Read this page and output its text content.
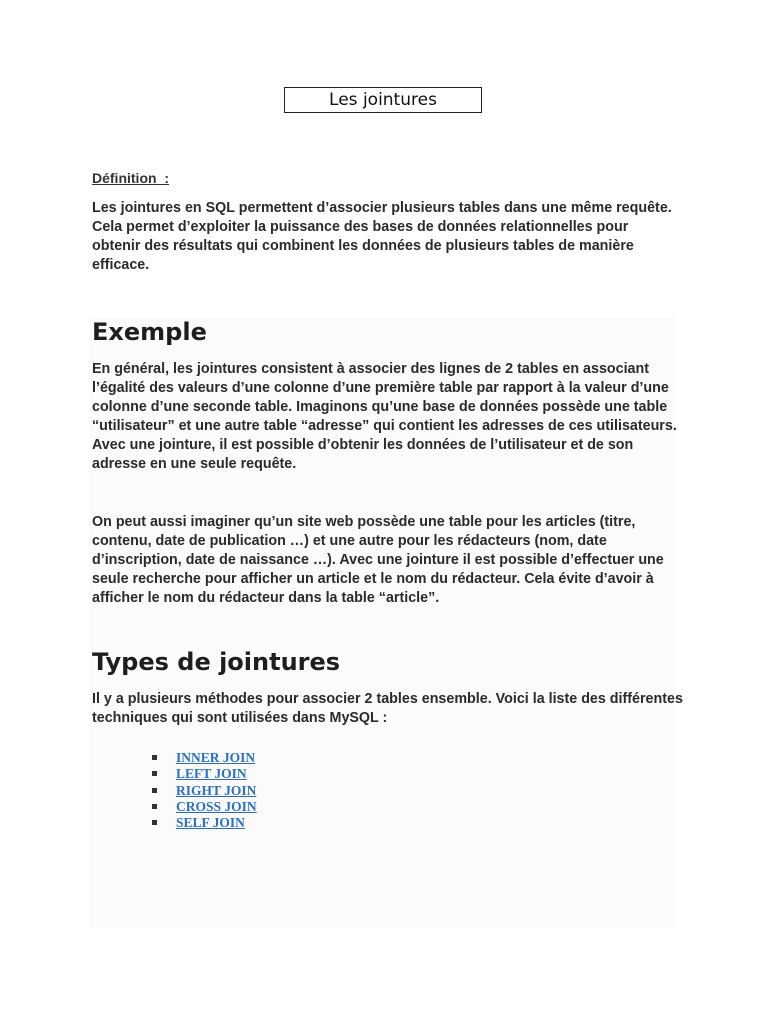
Les jointures
Définition  :
Les jointures en SQL permettent d’associer plusieurs tables dans une même requête. Cela permet d’exploiter la puissance des bases de données relationnelles pour obtenir des résultats qui combinent les données de plusieurs tables de manière efficace.
Exemple
En général, les jointures consistent à associer des lignes de 2 tables en associant l’égalité des valeurs d’une colonne d’une première table par rapport à la valeur d’une colonne d’une seconde table. Imaginons qu’une base de données possède une table “utilisateur” et une autre table “adresse” qui contient les adresses de ces utilisateurs. Avec une jointure, il est possible d’obtenir les données de l’utilisateur et de son adresse en une seule requête.
On peut aussi imaginer qu’un site web possède une table pour les articles (titre, contenu, date de publication …) et une autre pour les rédacteurs (nom, date d’inscription, date de naissance …). Avec une jointure il est possible d’effectuer une seule recherche pour afficher un article et le nom du rédacteur. Cela évite d’avoir à afficher le nom du rédacteur dans la table “article”.
Types de jointures
Il y a plusieurs méthodes pour associer 2 tables ensemble. Voici la liste des différentes techniques qui sont utilisées dans MySQL :
INNER JOIN
LEFT JOIN
RIGHT JOIN
CROSS JOIN
SELF JOIN
